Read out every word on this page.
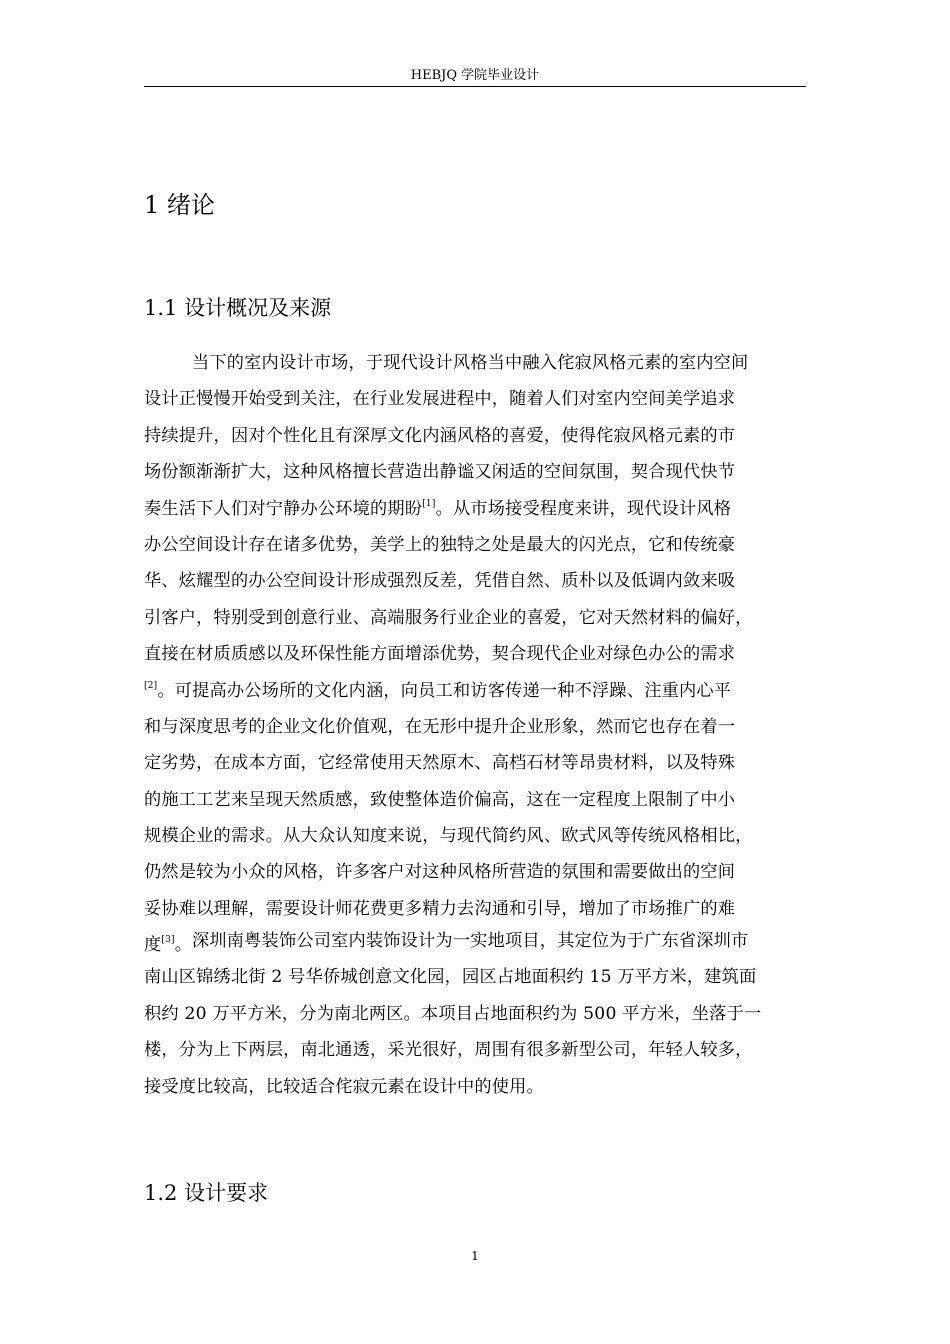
HEBJQ 学院毕业设计
1 绪论
1.1 设计概况及来源
当下的室内设计市场，于现代设计风格当中融入侘寂风格元素的室内空间
设计正慢慢开始受到关注，在行业发展进程中，随着人们对室内空间美学追求
持续提升，因对个性化且有深厚文化内涵风格的喜爱，使得侘寂风格元素的市
场份额渐渐扩大，这种风格擅长营造出静谧又闲适的空间氛围，契合现代快节
奏生活下人们对宁静办公环境的期盼[1]。从市场接受程度来讲，现代设计风格
办公空间设计存在诸多优势，美学上的独特之处是最大的闪光点，它和传统豪
华、炫耀型的办公空间设计形成强烈反差，凭借自然、质朴以及低调内敛来吸
引客户，特别受到创意行业、高端服务行业企业的喜爱，它对天然材料的偏好，
直接在材质质感以及环保性能方面增添优势，契合现代企业对绿色办公的需求
[2]。可提高办公场所的文化内涵，向员工和访客传递一种不浮躁、注重内心平
和与深度思考的企业文化价值观，在无形中提升企业形象，然而它也存在着一
定劣势，在成本方面，它经常使用天然原木、高档石材等昂贵材料，以及特殊
的施工工艺来呈现天然质感，致使整体造价偏高，这在一定程度上限制了中小
规模企业的需求。从大众认知度来说，与现代简约风、欧式风等传统风格相比，
仍然是较为小众的风格，许多客户对这种风格所营造的氛围和需要做出的空间
妥协难以理解，需要设计师花费更多精力去沟通和引导，增加了市场推广的难
度[3]。 深圳南粤装饰公司室内装饰设计为一实地项目，其定位为于广东省深圳市
南山区锦绣北街 2 号华侨城创意文化园，园区占地面积约 15 万平方米，建筑面
积约 20 万平方米，分为南北两区。本项目占地面积约为 500 平方米，坐落于一
楼，分为上下两层，南北通透，采光很好，周围有很多新型公司，年轻人较多，
接受度比较高，比较适合侘寂元素在设计中的使用。
1.2 设计要求
1
